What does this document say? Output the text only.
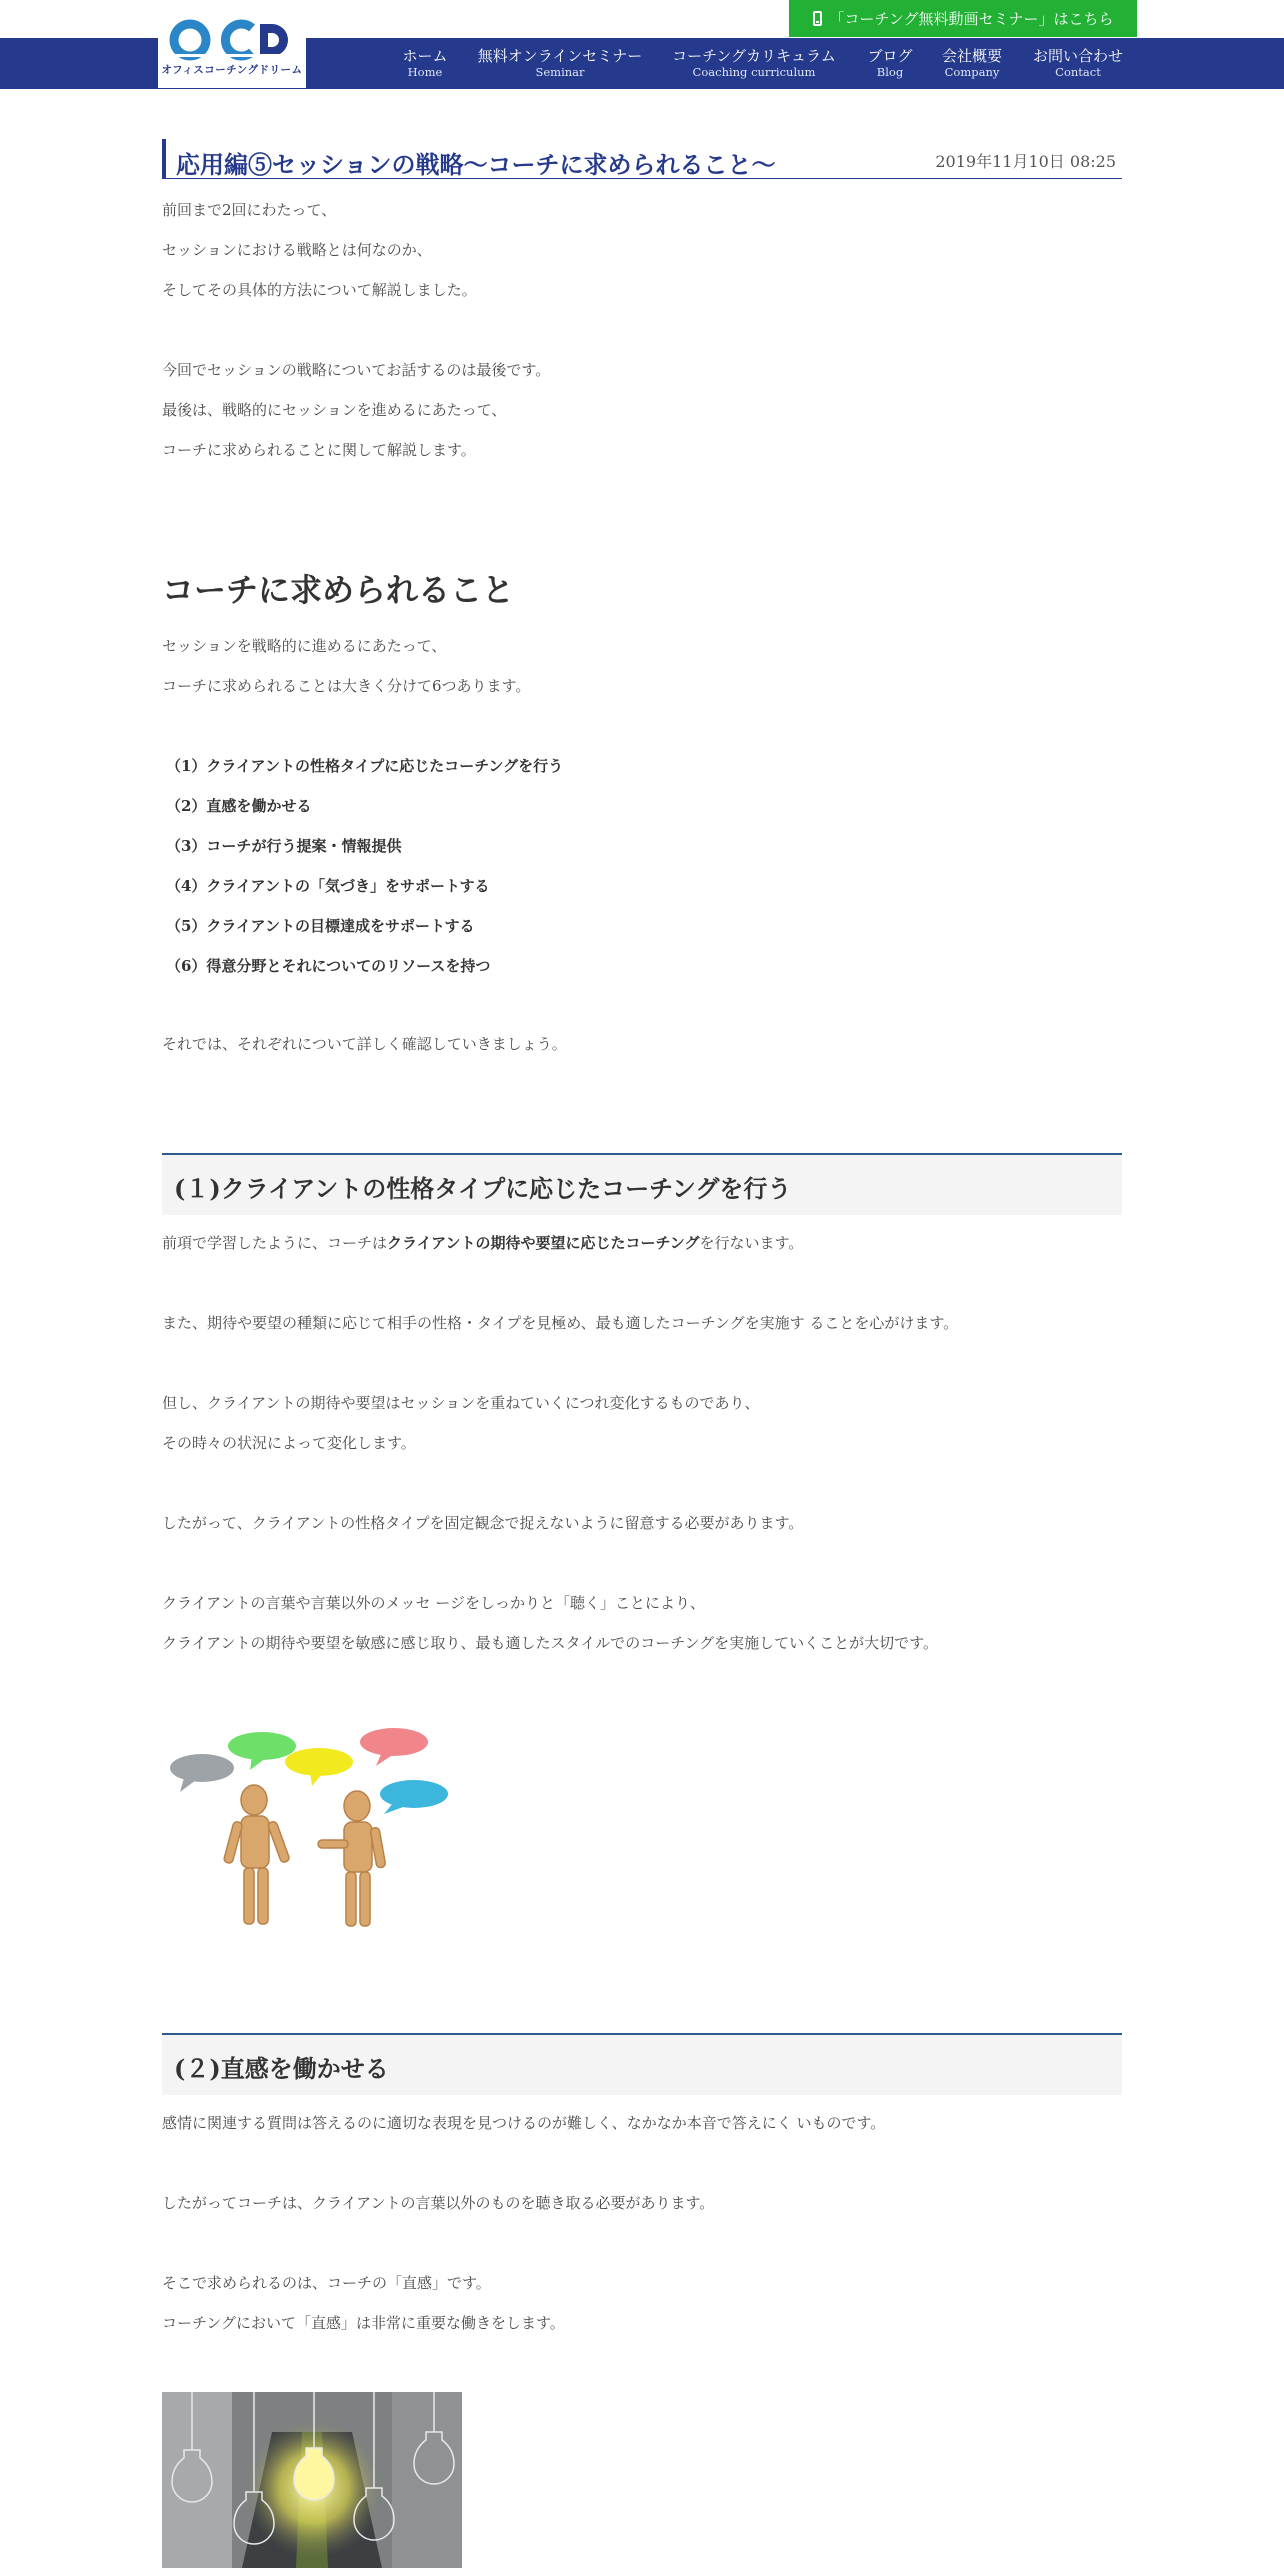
オフィスコーチングドリーム
「コーチング無料動画セミナー」はこちら
ホーム
Home
無料オンラインセミナー
Seminar
コーチングカリキュラム
Coaching curriculum
ブログ
Blog
会社概要
Company
お問い合わせ
Contact
応用編⑤セッションの戦略〜コーチに求められること〜	2019年11月10日 08:25
前回まで2回にわたって、
セッションにおける戦略とは何なのか、
そしてその具体的方法について解説しました。
今回でセッションの戦略についてお話するのは最後です。
最後は、戦略的にセッションを進めるにあたって、
コーチに求められることに関して解説します。
コーチに求められること
セッションを戦略的に進めるにあたって、
コーチに求められることは大きく分けて6つあります。
（1）クライアントの性格タイプに応じたコーチングを行う
（2）直感を働かせる
（3）コーチが行う提案・情報提供
（4）クライアントの「気づき」をサポートする
（5）クライアントの目標達成をサポートする
（6）得意分野とそれについてのリソースを持つ
それでは、それぞれについて詳しく確認していきましょう。
(１)クライアントの性格タイプに応じたコーチングを行う
前項で学習したように、コーチはクライアントの期待や要望に応じたコーチングを行ないます。
また、期待や要望の種類に応じて相手の性格・タイプを見極め、最も適したコーチングを実施す ることを心がけます。
但し、クライアントの期待や要望はセッションを重ねていくにつれ変化するものであり、
その時々の状況によって変化します。
したがって、クライアントの性格タイプを固定観念で捉えないように留意する必要があります。
クライアントの言葉や言葉以外のメッセ ージをしっかりと「聴く」ことにより、
クライアントの期待や要望を敏感に感じ取り、最も適したスタイルでのコーチングを実施していくことが大切です。
(２)直感を働かせる
感情に関連する質問は答えるのに適切な表現を見つけるのが難しく、なかなか本音で答えにく いものです。
したがってコーチは、クライアントの言葉以外のものを聴き取る必要があります。
そこで求められるのは、コーチの「直感」です。
コーチングにおいて「直感」は非常に重要な働きをします。
